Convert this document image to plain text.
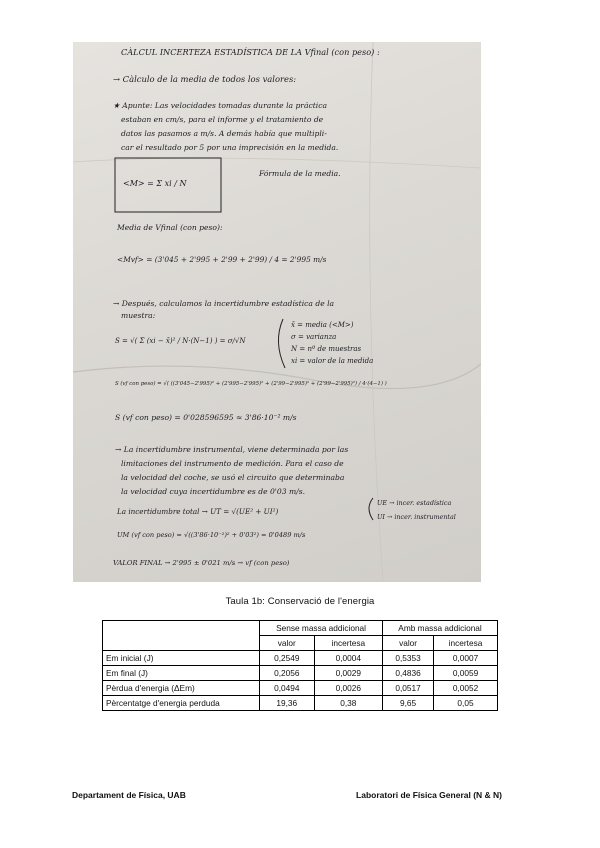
CÀLCUL INCERTEZA ESTADÍSTICA DE LA Vfinal (con peso) :
→ Càlculo de la media de todos los valores:
★ Apunte: Las velocidades tomadas durante la práctica
estaban en cm/s, para el informe y el tratamiento de
datos las pasamos a m/s. A demás había que multipli-
car el resultado por 5 por una imprecisión en la medida.
<M> = Σ xi / N
Fórmula de la media.
Media de Vfinal (con peso):
<Mvf> = (3'045 + 2'995 + 2'99 + 2'99) / 4 = 2'995 m/s
→ Después, calculamos la incertidumbre estadística de la
muestra:
S = √( Σ (xi − x̄)² / N·(N−1) ) = σ/√N
x̄ = media (<M>)
σ = varianza
N = nº de muestras
xi = valor de la medida
S (vf con peso) = √( ((3'045−2'995)² + (2'995−2'995)² + (2'99−2'995)² + (2'99−2'995)²) / 4·(4−1) )
S (vf con peso) = 0'028596595 ≈ 3'86·10⁻² m/s
→ La incertidumbre instrumental, viene determinada por las
limitaciones del instrumento de medición. Para el caso de
la velocidad del coche, se usó el circuito que determinaba
la velocidad cuya incertidumbre es de 0'03 m/s.
La incertidumbre total → UT = √(UE² + UI²)
UE → incer. estadística
UI → incer. instrumental
UM (vf con peso) = √((3'86·10⁻²)² + 0'03²) = 0'0489 m/s
VALOR FINAL → 2'995 ± 0'021 m/s → vf (con peso)
Taula 1b: Conservació de l'energia
	Sense massa addicional		Amb massa addicional	
	valor	incertesa	valor	incertesa
Em inicial (J)	0,2549	0,0004	0,5353	0,0007
Em final (J)	0,2056	0,0029	0,4836	0,0059
Pèrdua d'energia (ΔEm)	0,0494	0,0026	0,0517	0,0052
Pèrcentatge d'energia perduda	19,36	0,38	9,65	0,05
Departament de Física, UAB	Laboratori de Física General (N & N)
